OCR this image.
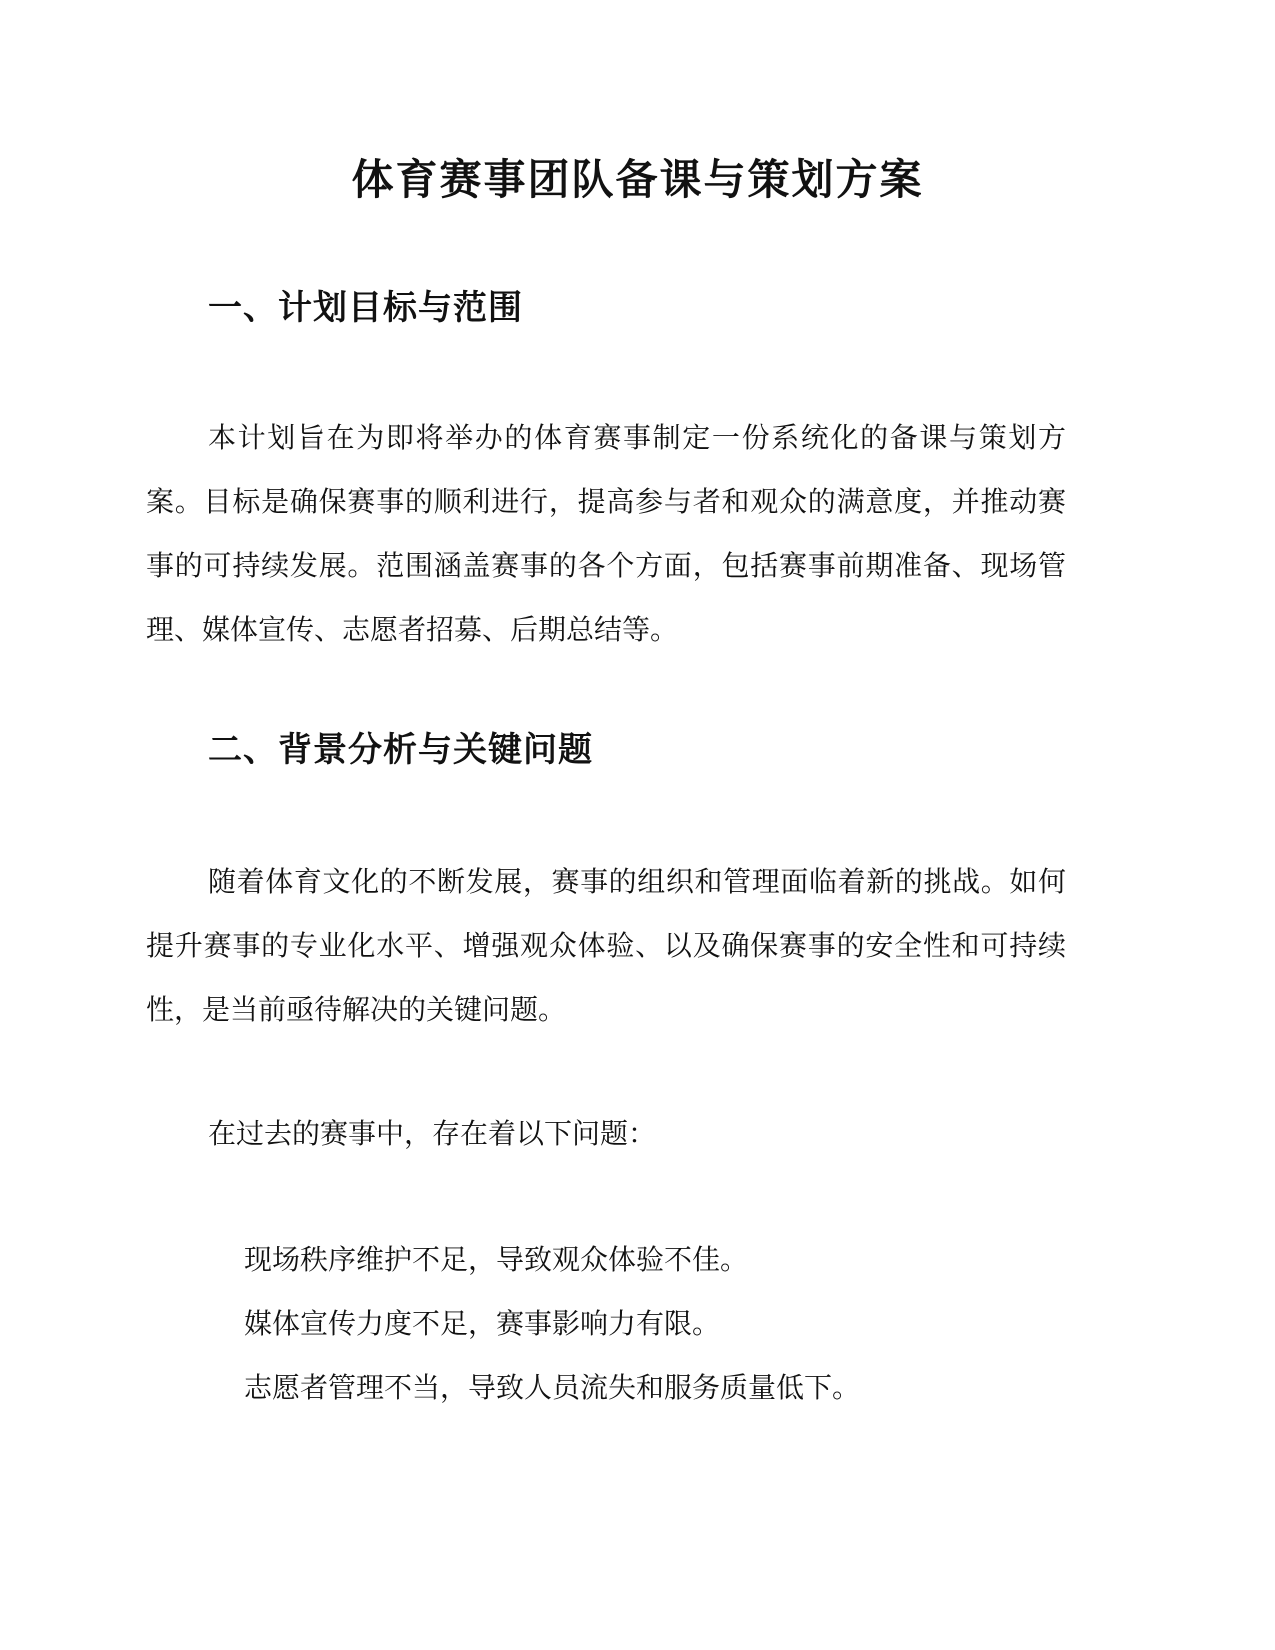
体育赛事团队备课与策划方案
一、计划目标与范围

本计划旨在为即将举办的体育赛事制定一份系统化的备课与策划方案。目标是确保赛事的顺利进行，提高参与者和观众的满意度，并推动赛事的可持续发展。范围涵盖赛事的各个方面，包括赛事前期准备、现场管理、媒体宣传、志愿者招募、后期总结等。

二、背景分析与关键问题

随着体育文化的不断发展，赛事的组织和管理面临着新的挑战。如何提升赛事的专业化水平、增强观众体验、以及确保赛事的安全性和可持续性，是当前亟待解决的关键问题。

在过去的赛事中，存在着以下问题：
现场秩序维护不足，导致观众体验不佳。
媒体宣传力度不足，赛事影响力有限。
志愿者管理不当，导致人员流失和服务质量低下。
